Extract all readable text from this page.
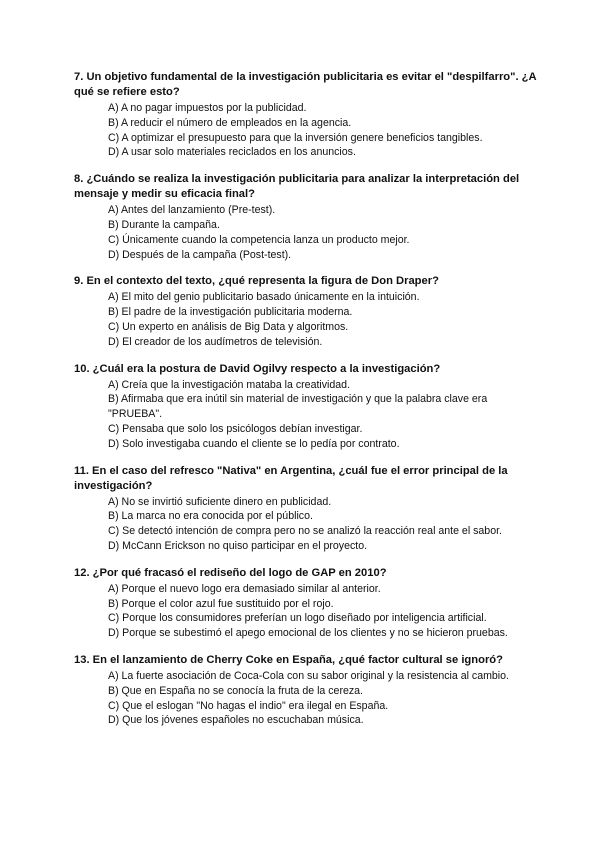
7. Un objetivo fundamental de la investigación publicitaria es evitar el "despilfarro". ¿A qué se refiere esto?

A) A no pagar impuestos por la publicidad.
B) A reducir el número de empleados en la agencia.
C) A optimizar el presupuesto para que la inversión genere beneficios tangibles.
D) A usar solo materiales reciclados en los anuncios.

8. ¿Cuándo se realiza la investigación publicitaria para analizar la interpretación del mensaje y medir su eficacia final?

A) Antes del lanzamiento (Pre-test).
B) Durante la campaña.
C) Únicamente cuando la competencia lanza un producto mejor.
D) Después de la campaña (Post-test).

9. En el contexto del texto, ¿qué representa la figura de Don Draper?

A) El mito del genio publicitario basado únicamente en la intuición.
B) El padre de la investigación publicitaria moderna.
C) Un experto en análisis de Big Data y algoritmos.
D) El creador de los audímetros de televisión.

10. ¿Cuál era la postura de David Ogilvy respecto a la investigación?

A) Creía que la investigación mataba la creatividad.
B) Afirmaba que era inútil sin material de investigación y que la palabra clave era "PRUEBA".
C) Pensaba que solo los psicólogos debían investigar.
D) Solo investigaba cuando el cliente se lo pedía por contrato.

11. En el caso del refresco "Nativa" en Argentina, ¿cuál fue el error principal de la investigación?

A) No se invirtió suficiente dinero en publicidad.
B) La marca no era conocida por el público.
C) Se detectó intención de compra pero no se analizó la reacción real ante el sabor.
D) McCann Erickson no quiso participar en el proyecto.

12. ¿Por qué fracasó el rediseño del logo de GAP en 2010?

A) Porque el nuevo logo era demasiado similar al anterior.
B) Porque el color azul fue sustituido por el rojo.
C) Porque los consumidores preferían un logo diseñado por inteligencia artificial.
D) Porque se subestimó el apego emocional de los clientes y no se hicieron pruebas.

13. En el lanzamiento de Cherry Coke en España, ¿qué factor cultural se ignoró?

A) La fuerte asociación de Coca-Cola con su sabor original y la resistencia al cambio.
B) Que en España no se conocía la fruta de la cereza.
C) Que el eslogan "No hagas el indio" era ilegal en España.
D) Que los jóvenes españoles no escuchaban música.
